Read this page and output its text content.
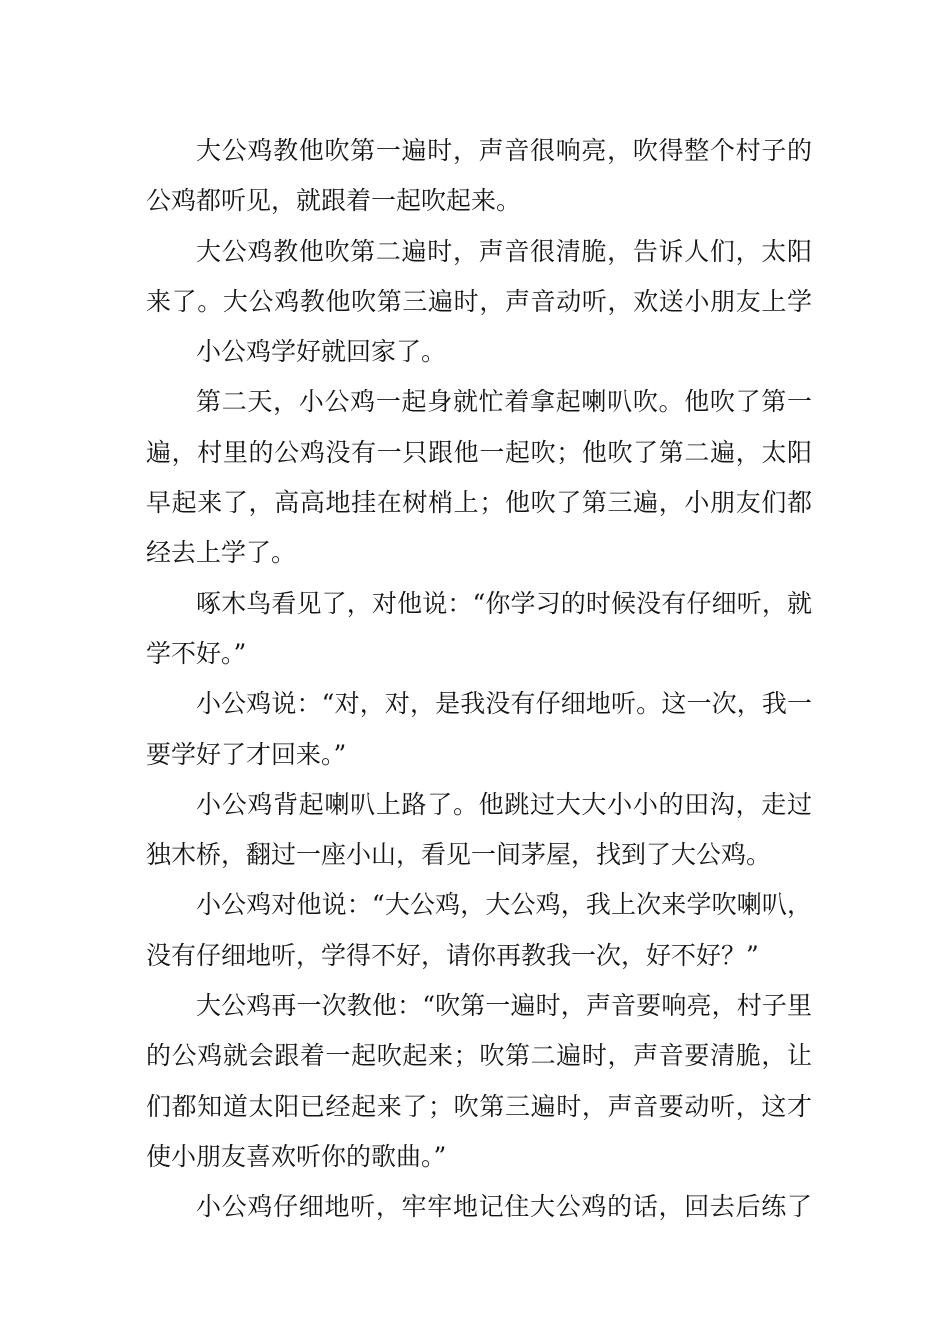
大公鸡教他吹第一遍时，声音很响亮，吹得整个村子的
公鸡都听见，就跟着一起吹起来。
大公鸡教他吹第二遍时，声音很清脆，告诉人们，太阳
来了。大公鸡教他吹第三遍时，声音动听，欢送小朋友上学
小公鸡学好就回家了。
第二天，小公鸡一起身就忙着拿起喇叭吹。他吹了第一
遍，村里的公鸡没有一只跟他一起吹；他吹了第二遍，太阳
早起来了，高高地挂在树梢上；他吹了第三遍，小朋友们都
经去上学了。
啄木鸟看见了，对他说：“你学习的时候没有仔细听，就
学不好。”
小公鸡说：“对，对，是我没有仔细地听。这一次，我一
要学好了才回来。”
小公鸡背起喇叭上路了。他跳过大大小小的田沟，走过
独木桥，翻过一座小山，看见一间茅屋，找到了大公鸡。
小公鸡对他说：“大公鸡，大公鸡，我上次来学吹喇叭，
没有仔细地听，学得不好，请你再教我一次，好不好？”
大公鸡再一次教他：“吹第一遍时，声音要响亮，村子里
的公鸡就会跟着一起吹起来；吹第二遍时，声音要清脆，让
们都知道太阳已经起来了；吹第三遍时，声音要动听，这才
使小朋友喜欢听你的歌曲。”
小公鸡仔细地听，牢牢地记住大公鸡的话，回去后练了
